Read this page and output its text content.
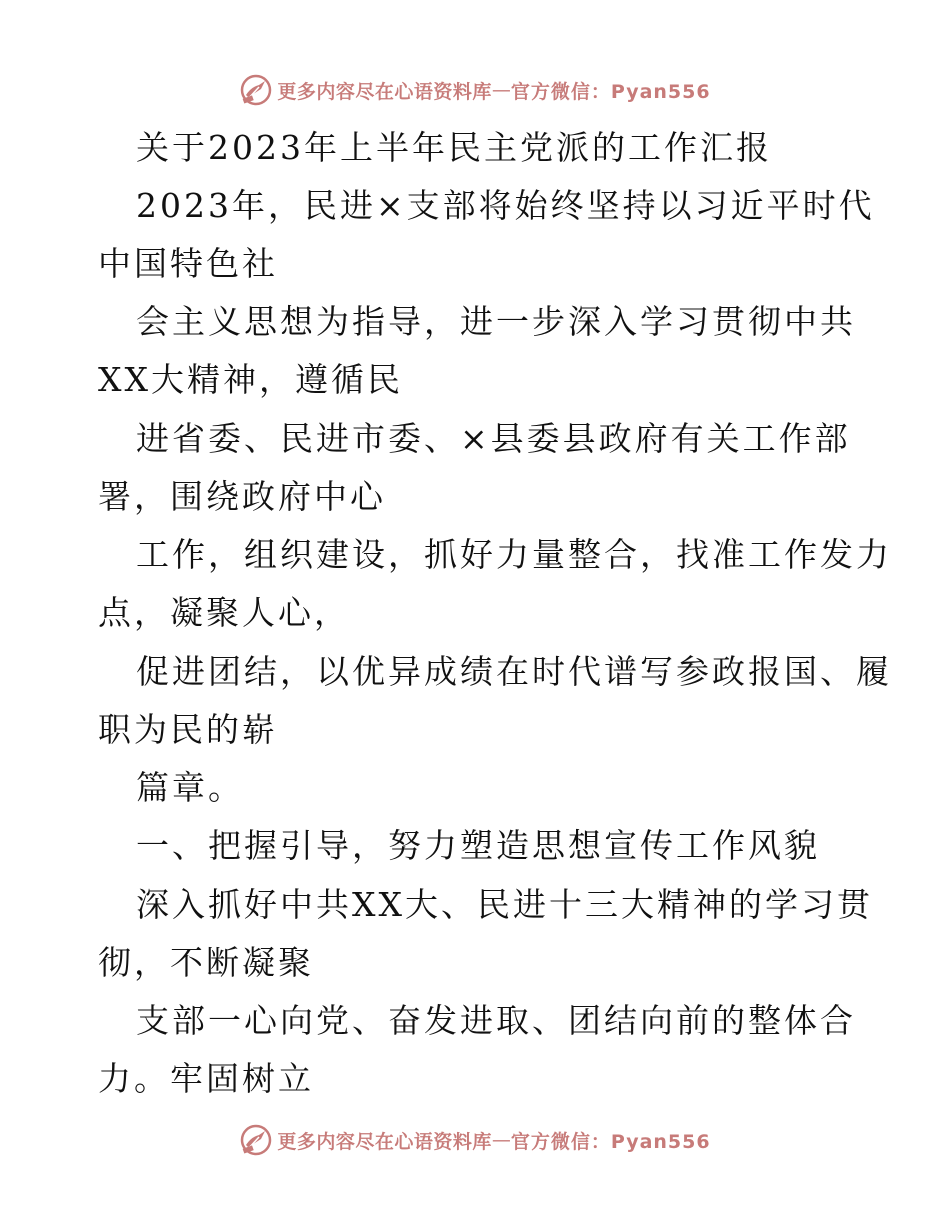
更多内容尽在心语资料库 — 官方微信：Pyan556
关于2023年上半年民主党派的工作汇报
2023年，民进×支部将始终坚持以习近平时代
中国特色社
会主义思想为指导，进一步深入学习贯彻中共
XX大精神，遵循民
进省委、民进市委、×县委县政府有关工作部
署，围绕政府中心
工作，组织建设，抓好力量整合，找准工作发力
点，凝聚人心，
促进团结，以优异成绩在时代谱写参政报国、履
职为民的崭
篇章。
一、把握引导，努力塑造思想宣传工作风貌
深入抓好中共XX大、民进十三大精神的学习贯
彻，不断凝聚
支部一心向党、奋发进取、团结向前的整体合
力。牢固树立
更多内容尽在心语资料库 — 官方微信：Pyan556
